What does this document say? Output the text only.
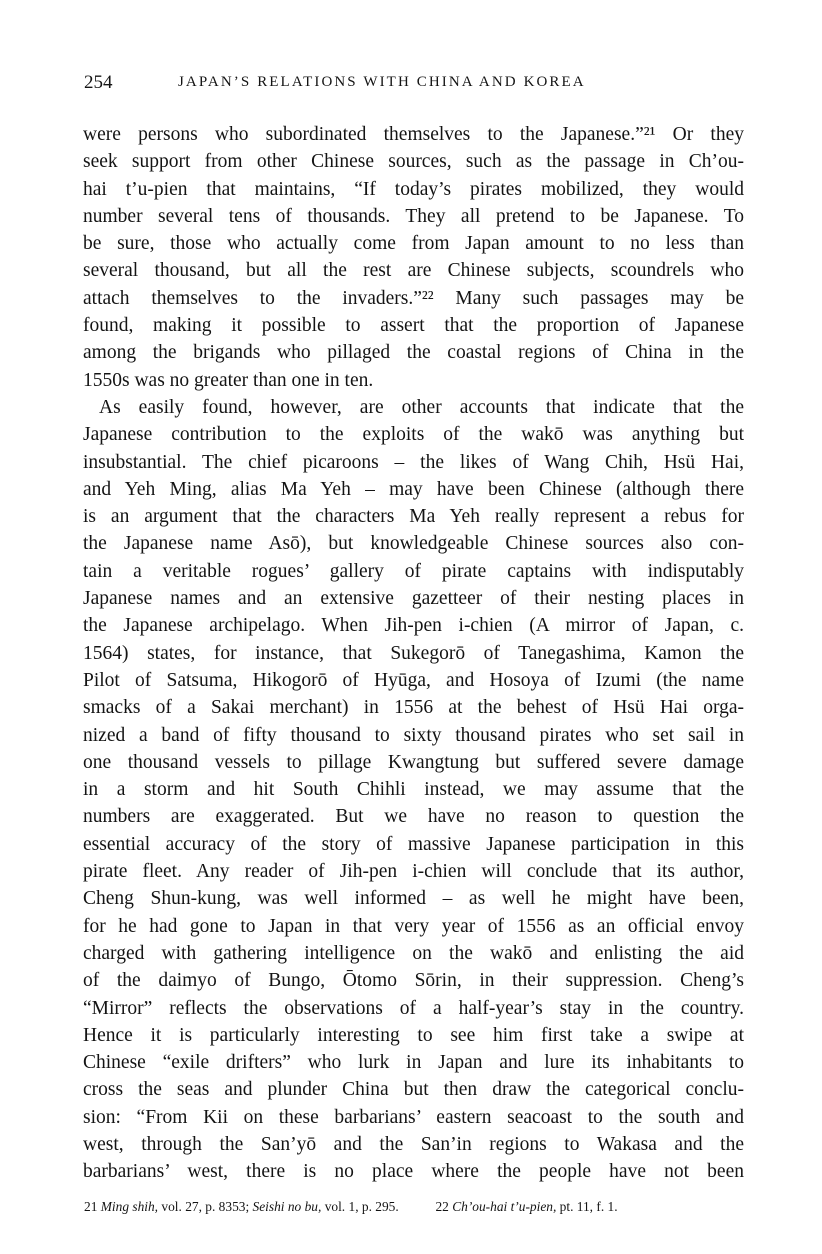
254	JAPAN’S RELATIONS WITH CHINA AND KOREA
were persons who subordinated themselves to the Japanese.”²¹ Or they
seek support from other Chinese sources, such as the passage in Ch’ou-
hai t’u-pien that maintains, “If today’s pirates mobilized, they would
number several tens of thousands. They all pretend to be Japanese. To
be sure, those who actually come from Japan amount to no less than
several thousand, but all the rest are Chinese subjects, scoundrels who
attach themselves to the invaders.”²² Many such passages may be
found, making it possible to assert that the proportion of Japanese
among the brigands who pillaged the coastal regions of China in the
1550s was no greater than one in ten.
As easily found, however, are other accounts that indicate that the
Japanese contribution to the exploits of the wakō was anything but
insubstantial. The chief picaroons – the likes of Wang Chih, Hsü Hai,
and Yeh Ming, alias Ma Yeh – may have been Chinese (although there
is an argument that the characters Ma Yeh really represent a rebus for
the Japanese name Asō), but knowledgeable Chinese sources also con-
tain a veritable rogues’ gallery of pirate captains with indisputably
Japanese names and an extensive gazetteer of their nesting places in
the Japanese archipelago. When Jih-pen i-chien (A mirror of Japan, c.
1564) states, for instance, that Sukegorō of Tanegashima, Kamon the
Pilot of Satsuma, Hikogorō of Hyūga, and Hosoya of Izumi (the name
smacks of a Sakai merchant) in 1556 at the behest of Hsü Hai orga-
nized a band of fifty thousand to sixty thousand pirates who set sail in
one thousand vessels to pillage Kwangtung but suffered severe damage
in a storm and hit South Chihli instead, we may assume that the
numbers are exaggerated. But we have no reason to question the
essential accuracy of the story of massive Japanese participation in this
pirate fleet. Any reader of Jih-pen i-chien will conclude that its author,
Cheng Shun-kung, was well informed – as well he might have been,
for he had gone to Japan in that very year of 1556 as an official envoy
charged with gathering intelligence on the wakō and enlisting the aid
of the daimyo of Bungo, Ōtomo Sōrin, in their suppression. Cheng’s
“Mirror” reflects the observations of a half-year’s stay in the country.
Hence it is particularly interesting to see him first take a swipe at
Chinese “exile drifters” who lurk in Japan and lure its inhabitants to
cross the seas and plunder China but then draw the categorical conclu-
sion: “From Kii on these barbarians’ eastern seacoast to the south and
west, through the San’yō and the San’in regions to Wakasa and the
barbarians’ west, there is no place where the people have not been
21 Ming shih, vol. 27, p. 8353; Seishi no bu, vol. 1, p. 295.	22 Ch’ou-hai t’u-pien, pt. 11, f. 1.
